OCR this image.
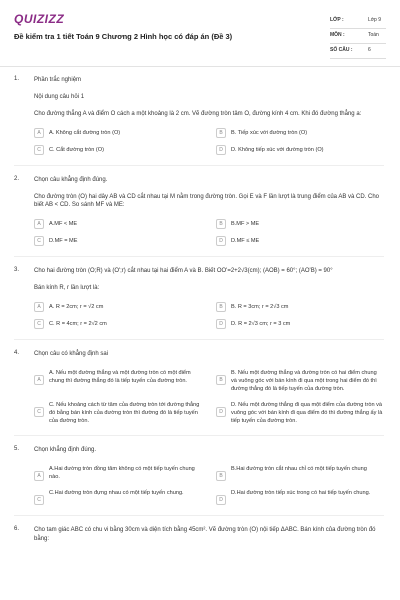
QUIZIZZ
Đề kiểm tra 1 tiết Toán 9 Chương 2 Hình học có đáp án (Đề 3)
LỚP :	Lớp 9
MÔN :	Toán
SỐ CÂU :	6
1. Phần trắc nghiệm
Nội dung câu hỏi 1
Cho đường thẳng A và điểm O cách a một khoảng là 2 cm. Vẽ đường tròn tâm O, đường kính 4 cm. Khi đó đường thẳng a:
A	A. Không cắt đường tròn (O)	B	B. Tiếp xúc với đường tròn (O)
C	C. Cắt đường tròn (O)	D	D. Không tiếp xúc với đường tròn (O)
2. Chọn câu khẳng định đúng.
Cho đường tròn (O) hai dây AB và CD cắt nhau tại M nằm trong đường tròn. Gọi E và F lần lượt là trung điểm của AB và CD. Cho biết AB < CD. So sánh MF và ME:
A	A.MF < ME	B	B.MF > ME
C	D.MF = ME	D	D.MF ≤ ME
3. Cho hai đường tròn (O;R) và (O';r) cắt nhau tại hai điểm A và B. Biết OO'=2+2√3(cm); (AOB) = 60°; (AO'B) = 90°
Bán kính R, r lần lượt là:
A	A. R = 2cm; r = √2 cm	B	B. R = 3cm; r = 2√3 cm
C	C. R = 4cm; r = 2√2 cm	D	D. R = 2√3 cm; r = 3 cm
4. Chọn câu có khẳng định sai
A
A. Nếu một đường thẳng và một đường tròn có một điểm chung thì đường thẳng đó là tiếp tuyến của đường tròn.	B
B. Nếu một đường thẳng và đường tròn có hai điểm chung và vuông góc với bán kính đi qua một trong hai điểm đó thì đường thẳng đó là tiếp tuyến của đường tròn.
C
C. Nếu khoảng cách từ tâm của đường tròn tới đường thẳng đó bằng bán kính của đường tròn thì đường đó là tiếp tuyến của đường tròn.
D
D. Nếu một đường thẳng đi qua một điểm của đường tròn và vuông góc với bán kính đi qua điểm đó thì đường thẳng ấy là tiếp tuyến của đường tròn.
5. Chọn khẳng định đúng.
A
A.Hai đường tròn đồng tâm không có một tiếp tuyến chung nào.	B
B.Hai đường tròn cắt nhau chỉ có một tiếp tuyến chung
C
C.Hai đường tròn đựng nhau có một tiếp tuyến chung.
D
D.Hai đường tròn tiếp xúc trong có hai tiếp tuyến chung.
6. Cho tam giác ABC có chu vi bằng 30cm và diện tích bằng 45cm². Vẽ đường tròn (O) nội tiếp ΔABC. Bán kính của đường tròn đó bằng:
